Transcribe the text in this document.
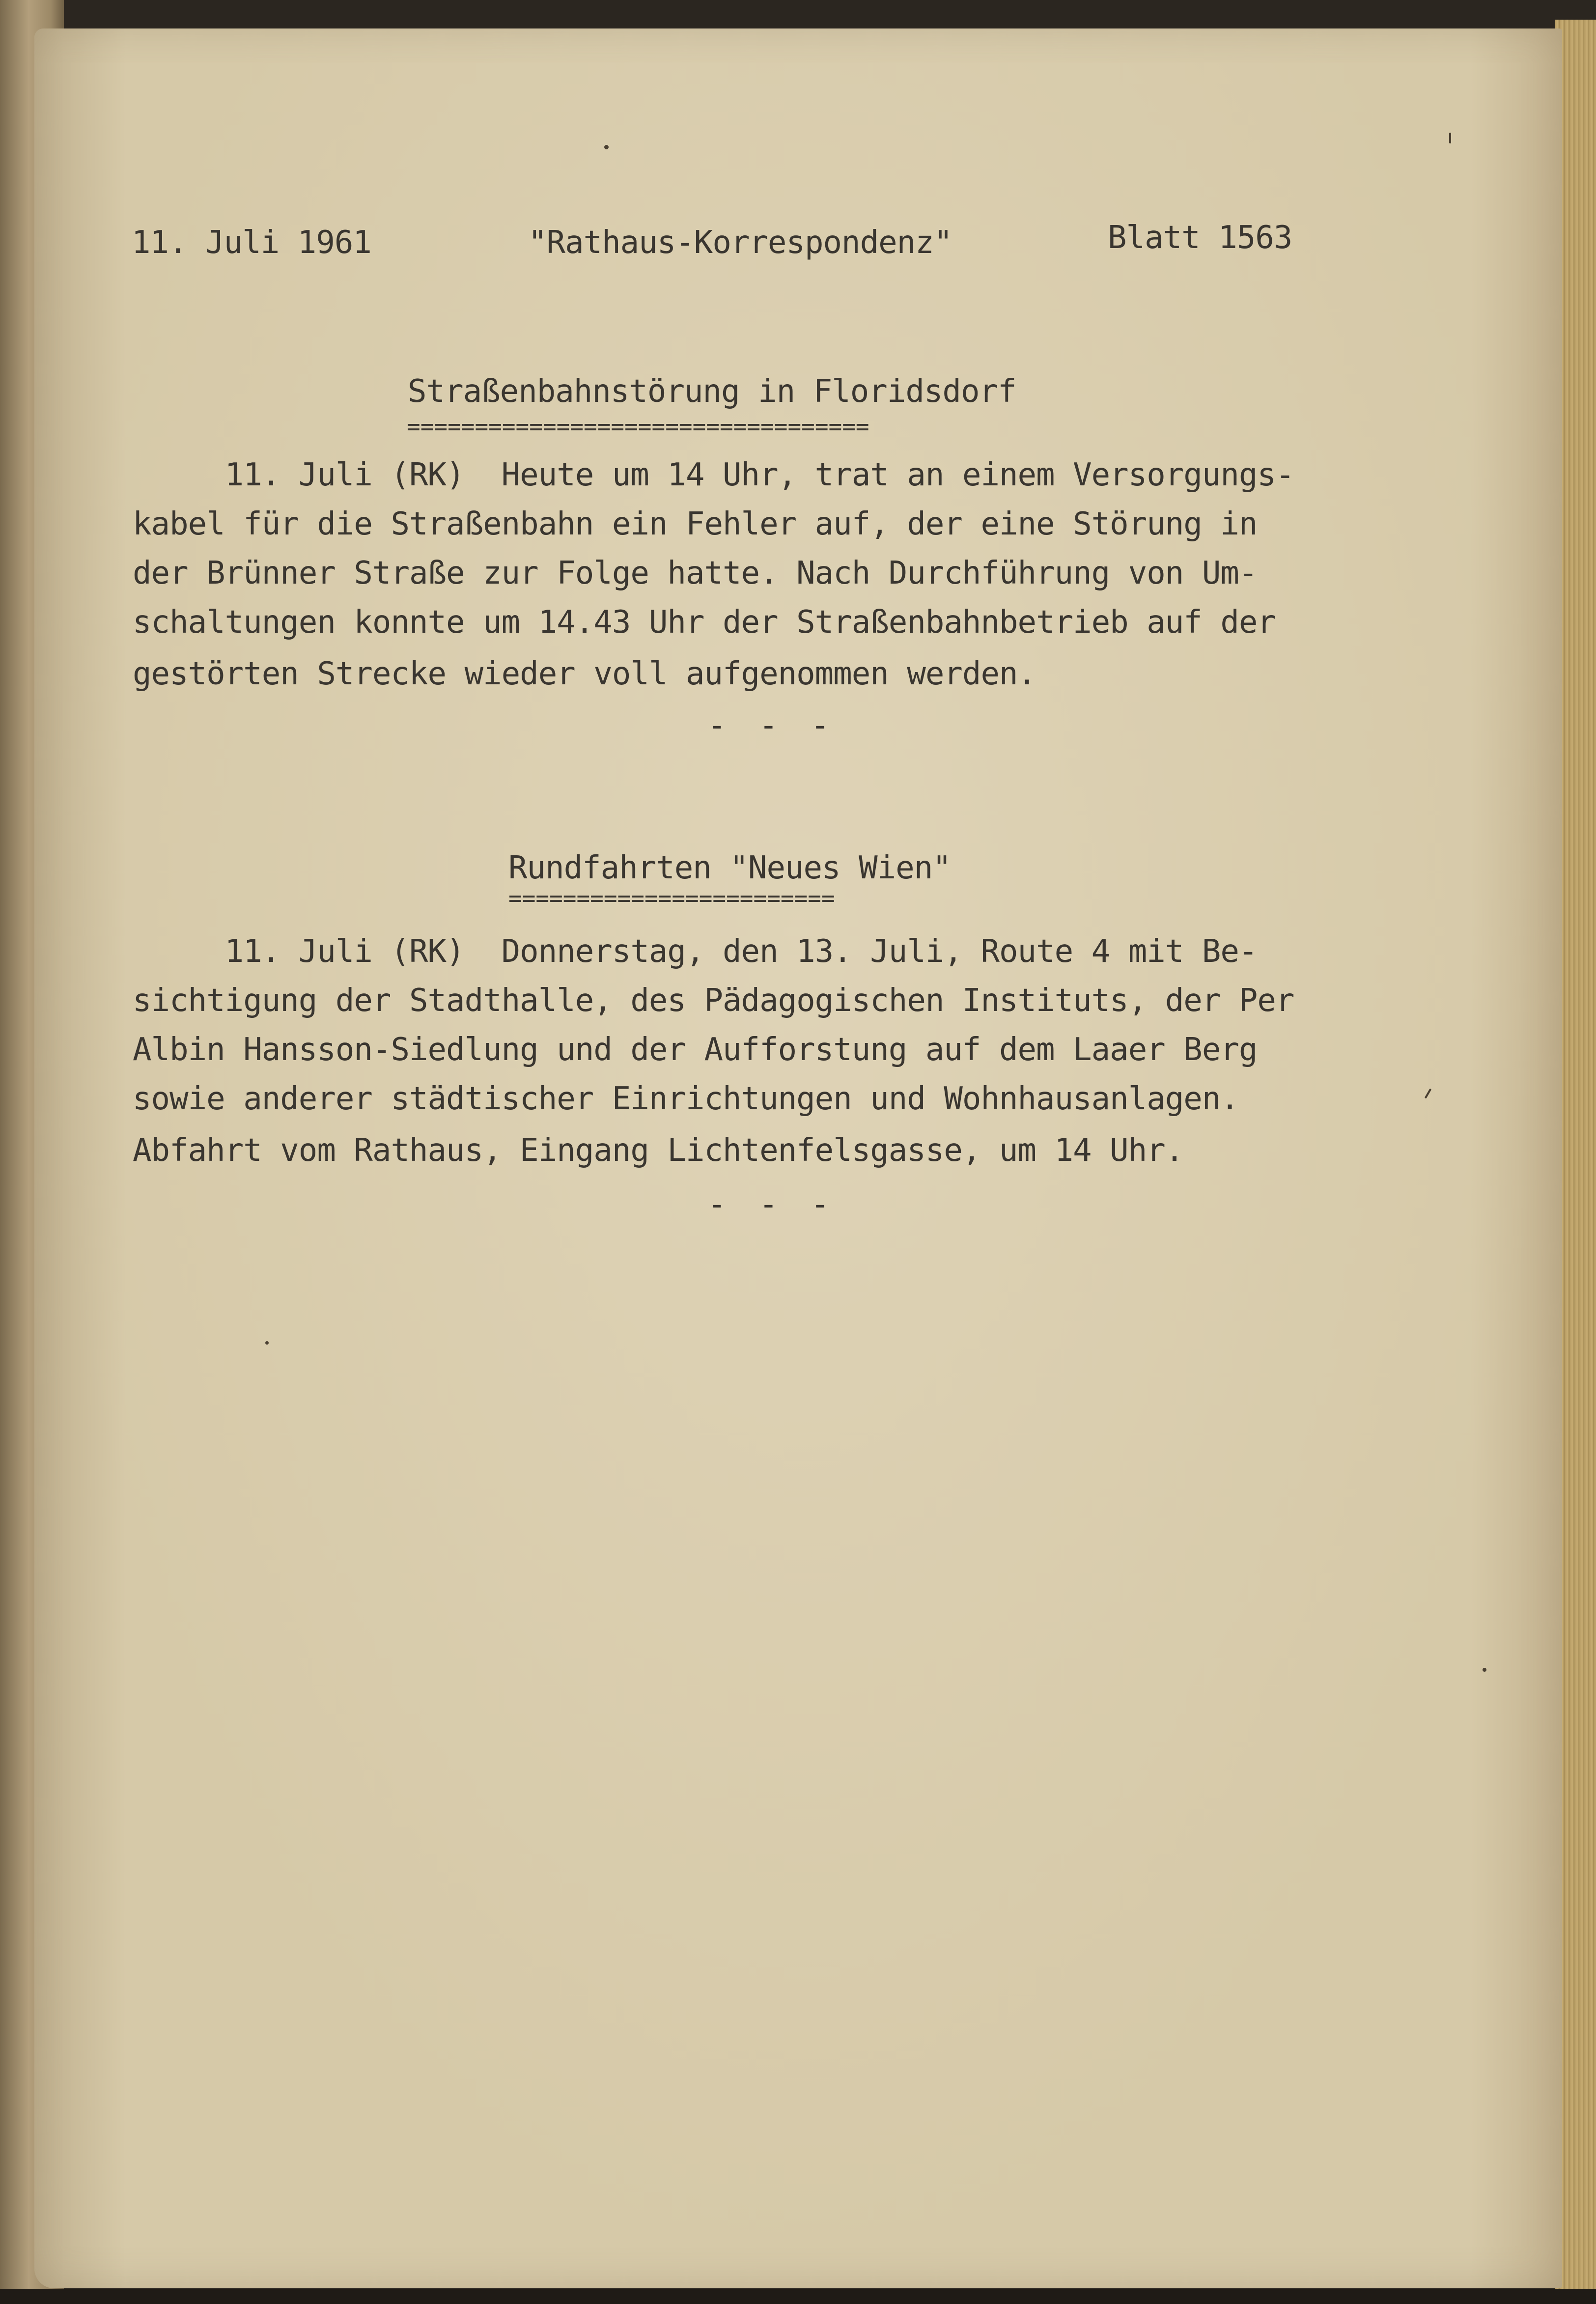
11. Juli 1961	"Rathaus-Korrespondenz"	Blatt 1563
Straßenbahnstörung in Floridsdorf
==================================
11. Juli (RK)  Heute um 14 Uhr, trat an einem Versorgungs-
kabel für die Straßenbahn ein Fehler auf, der eine Störung in
der Brünner Straße zur Folge hatte. Nach Durchführung von Um-
schaltungen konnte um 14.43 Uhr der Straßenbahnbetrieb auf der
gestörten Strecke wieder voll aufgenommen werden.
- - -
Rundfahrten "Neues Wien"
========================
11. Juli (RK)  Donnerstag, den 13. Juli, Route 4 mit Be-
sichtigung der Stadthalle, des Pädagogischen Instituts, der Per
Albin Hansson-Siedlung und der Aufforstung auf dem Laaer Berg
sowie anderer städtischer Einrichtungen und Wohnhausanlagen.
Abfahrt vom Rathaus, Eingang Lichtenfelsgasse, um 14 Uhr.
- - -
